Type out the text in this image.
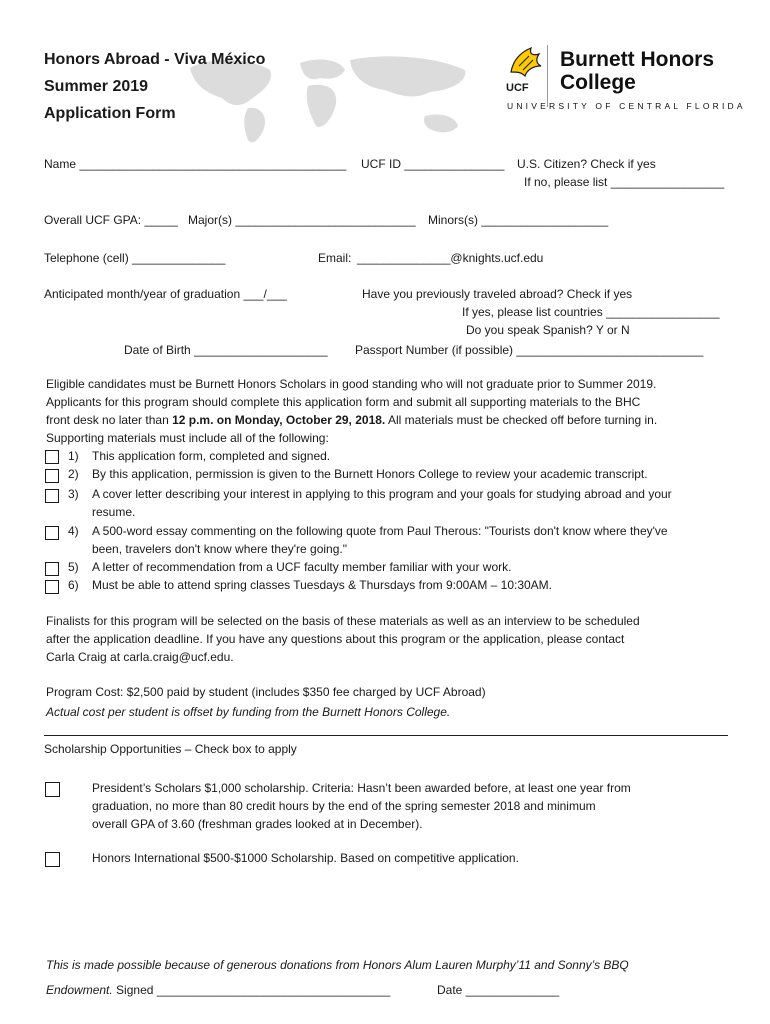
Honors Abroad - Viva México
Summer 2019
Application Form
UCF
Burnett Honors
College
UNIVERSITY OF CENTRAL FLORIDA
Name ________________________________________ UCF ID _______________ U.S. Citizen? Check if yes
If no, please list _________________
Overall UCF GPA: _____ Major(s) ___________________________ Minors(s) ___________________
Telephone (cell) ______________	Email: ______________@knights.ucf.edu
Anticipated month/year of graduation ___/___	Have you previously traveled abroad? Check if yes
If yes, please list countries _________________
Do you speak Spanish? Y or N
Date of Birth ____________________ Passport Number (if possible) ____________________________
Eligible candidates must be Burnett Honors Scholars in good standing who will not graduate prior to Summer 2019.
Applicants for this program should complete this application form and submit all supporting materials to the BHC
front desk no later than 12 p.m. on Monday, October 29, 2018. All materials must be checked off before turning in.
Supporting materials must include all of the following:
1) This application form, completed and signed.
2) By this application, permission is given to the Burnett Honors College to review your academic transcript.
3) A cover letter describing your interest in applying to this program and your goals for studying abroad and your
resume.
4) A 500-word essay commenting on the following quote from Paul Therous: "Tourists don't know where they've
been, travelers don't know where they're going."
5) A letter of recommendation from a UCF faculty member familiar with your work.
6) Must be able to attend spring classes Tuesdays & Thursdays from 9:00AM – 10:30AM.
Finalists for this program will be selected on the basis of these materials as well as an interview to be scheduled
after the application deadline. If you have any questions about this program or the application, please contact
Carla Craig at carla.craig@ucf.edu.
Program Cost: $2,500 paid by student (includes $350 fee charged by UCF Abroad)
Actual cost per student is offset by funding from the Burnett Honors College.
Scholarship Opportunities – Check box to apply
President’s Scholars $1,000 scholarship. Criteria: Hasn’t been awarded before, at least one year from
graduation, no more than 80 credit hours by the end of the spring semester 2018 and minimum
overall GPA of 3.60 (freshman grades looked at in December).
Honors International $500-$1000 Scholarship. Based on competitive application.
This is made possible because of generous donations from Honors Alum Lauren Murphy’11 and Sonny’s BBQ
Endowment. Signed ___________________________________	Date ______________
